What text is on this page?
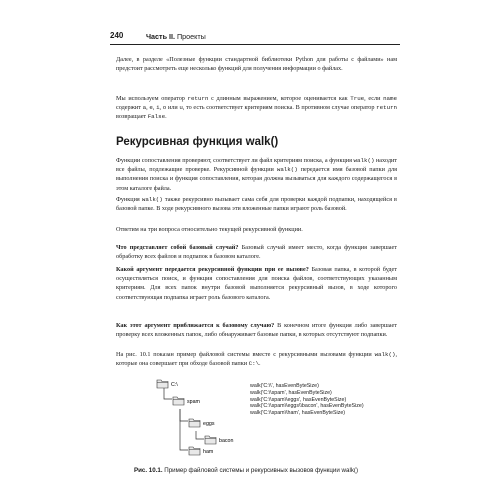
240	Часть II. Проекты
Далее, в разделе «Полезные функции стандартной библиотеки Python для работы с файлами» нам предстоит рассмотреть еще несколько функций для получения информации о файлах.
Мы используем оператор return с длинным выражением, которое оценивается как True, если name содержит a, e, i, o или u, то есть соответствует критериям поиска. В противном случае оператор return возвращает False.
Рекурсивная функция walk()
Функции сопоставления проверяют, соответствует ли файл критериям поиска, а функция walk() находит все файлы, подлежащие проверке. Рекурсивной функции walk() передается имя базовой папки для выполнения поиска и функция сопоставления, которая должна вызываться для каждого содержащегося в этом каталоге файла.
Функция walk() также рекурсивно вызывает сама себя для проверки каждой подпапки, находящейся в базовой папке. В ходе рекурсивного вызова эти вложенные папки играют роль базовой.
Ответим на три вопроса относительно текущей рекурсивной функции.
Что представляет собой базовый случай? Базовый случай имеет место, когда функция завершает обработку всех файлов и подпапок в базовом каталоге.
Какой аргумент передается рекурсивной функции при ее вызове? Базовая папка, в которой будет осуществляться поиск, и функция сопоставления для поиска файлов, соответствующих указанным критериям. Для всех папок внутри базовой выполняется рекурсивный вызов, в ходе которого соответствующая подпапка играет роль базового каталога.
Как этот аргумент приближается к базовому случаю? В конечном итоге функция либо завершает проверку всех вложенных папок, либо обнаруживает базовые папки, в которых отсутствуют подпапки.
На рис. 10.1 показан пример файловой системы вместе с рекурсивными вызовами функции walk(), которые она совершает при обходе базовой папки C:\.
C:\
spam
eggs
bacon
ham
walk('C:\\', hasEvenByteSize)
walk('C:\\spam', hasEvenByteSize)
walk('C:\\spam\\eggs', hasEvenByteSize)
walk('C:\\spam\\eggs\\bacon', hasEvenByteSize)
walk('C:\\spam\\ham', hasEvenByteSize)
Рис. 10.1. Пример файловой системы и рекурсивных вызовов функции walk()
